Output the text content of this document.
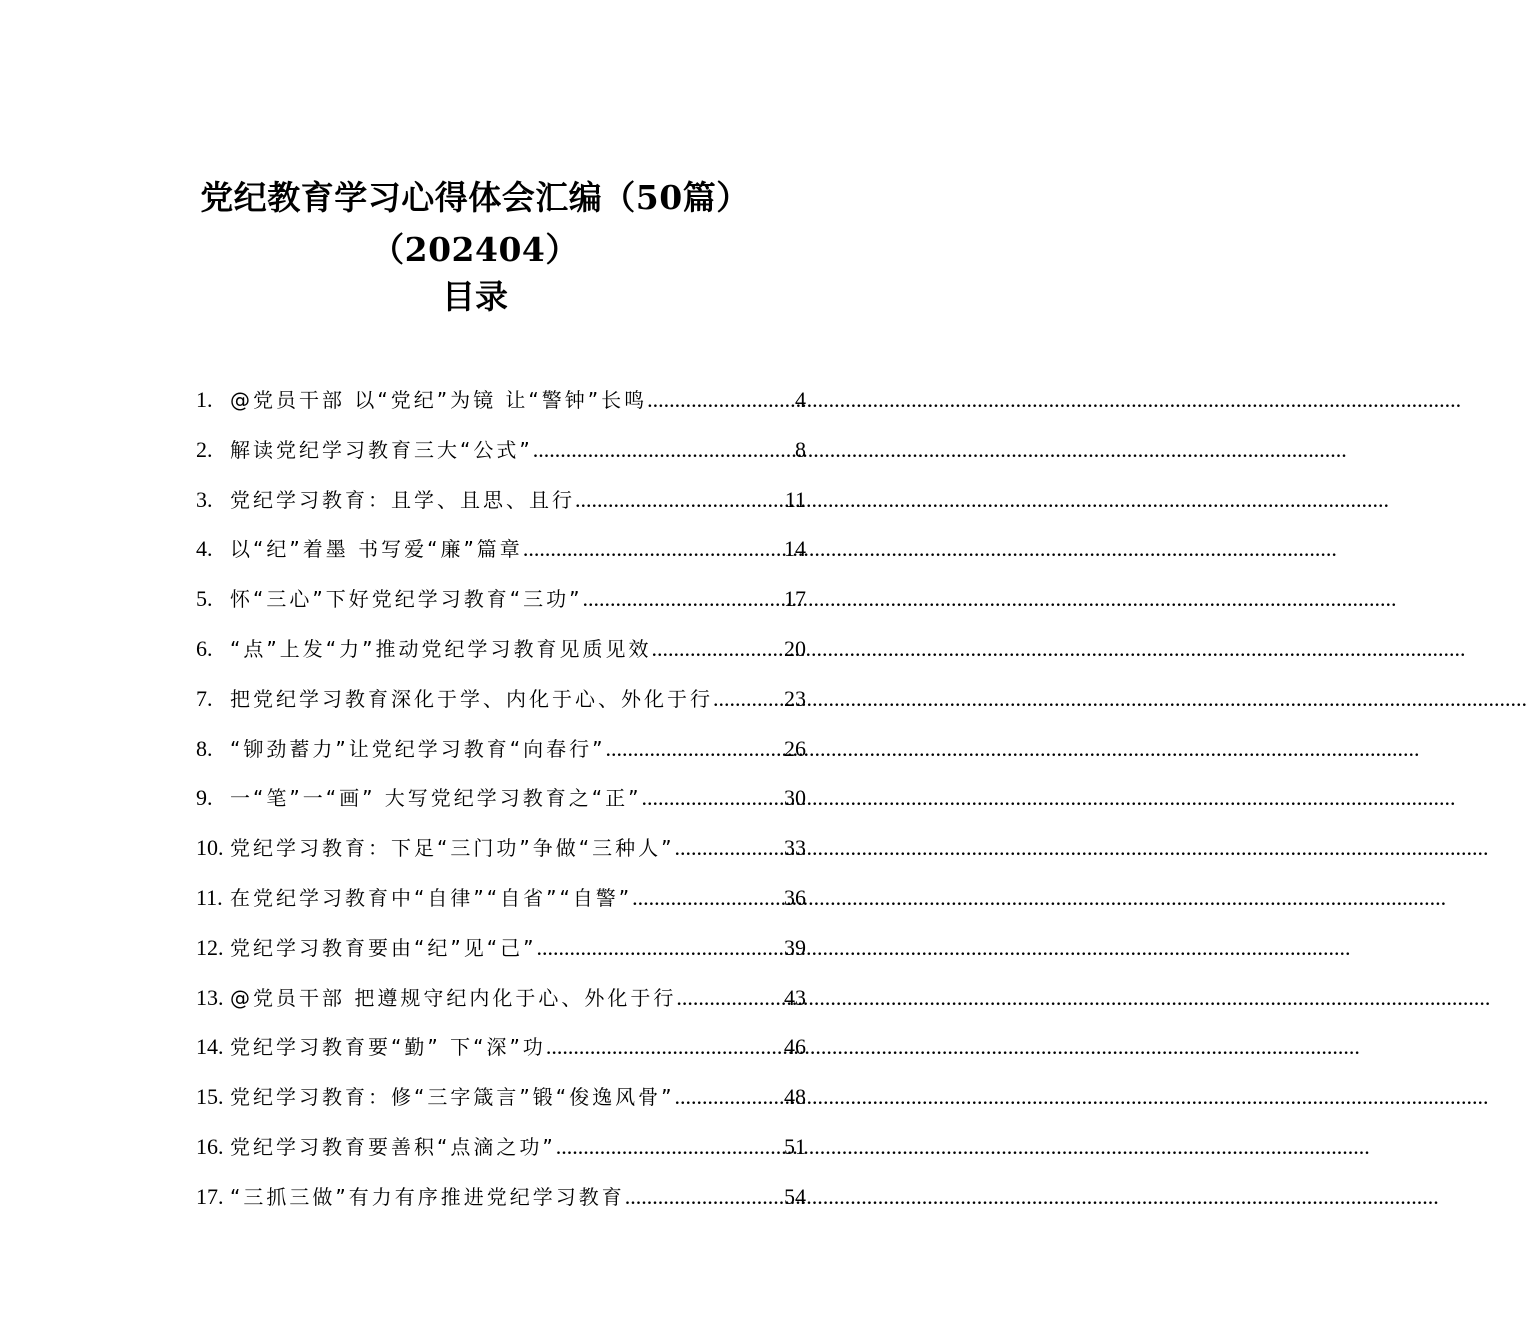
党纪教育学习心得体会汇编（50篇）（202404）
目录
1. @党员干部 以“党纪”为镜 让“警钟”长鸣 .....	4
2. 解读党纪学习教育三大“公式” .....	8
3. 党纪学习教育：且学、且思、且行 .....	11
4. 以“纪”着墨 书写爱“廉”篇章 .....	14
5. 怀“三心”下好党纪学习教育“三功” .....	17
6. “点”上发“力”推动党纪学习教育见质见效 .....	20
7. 把党纪学习教育深化于学、内化于心、外化于行 .....	23
8. “铆劲蓄力”让党纪学习教育“向春行” .....	26
9. 一“笔”一“画” 大写党纪学习教育之“正” .....	30
10. 党纪学习教育：下足“三门功”争做“三种人” .....	33
11. 在党纪学习教育中“自律”“自省”“自警” .....	36
12. 党纪学习教育要由“纪”见“己” .....	39
13. @党员干部 把遵规守纪内化于心、外化于行 .....	43
14. 党纪学习教育要“勤” 下“深”功 .....	46
15. 党纪学习教育：修“三字箴言”锻“俊逸风骨” .....	48
16. 党纪学习教育要善积“点滴之功” .....	51
17. “三抓三做”有力有序推进党纪学习教育 .....	54
